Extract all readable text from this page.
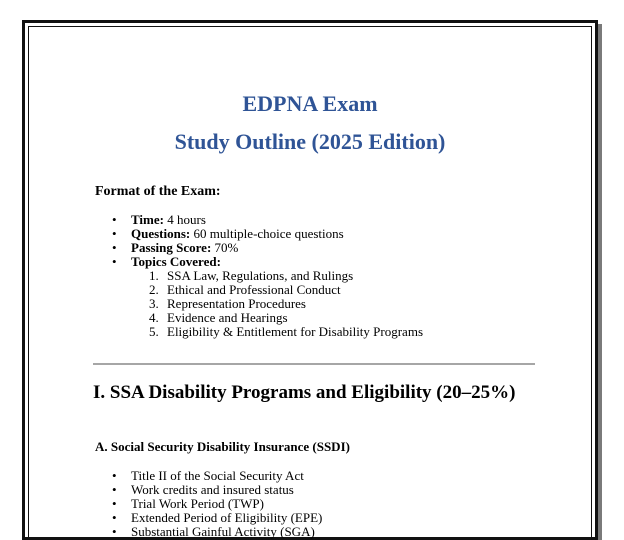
EDPNA Exam
Study Outline (2025 Edition)

Format of the Exam:

• Time: 4 hours
• Questions: 60 multiple-choice questions
• Passing Score: 70%
• Topics Covered:
1. SSA Law, Regulations, and Rulings
2. Ethical and Professional Conduct
3. Representation Procedures
4. Evidence and Hearings
5. Eligibility & Entitlement for Disability Programs
I. SSA Disability Programs and Eligibility (20–25%)
A. Social Security Disability Insurance (SSDI)
• Title II of the Social Security Act
• Work credits and insured status
• Trial Work Period (TWP)
• Extended Period of Eligibility (EPE)
• Substantial Gainful Activity (SGA)
